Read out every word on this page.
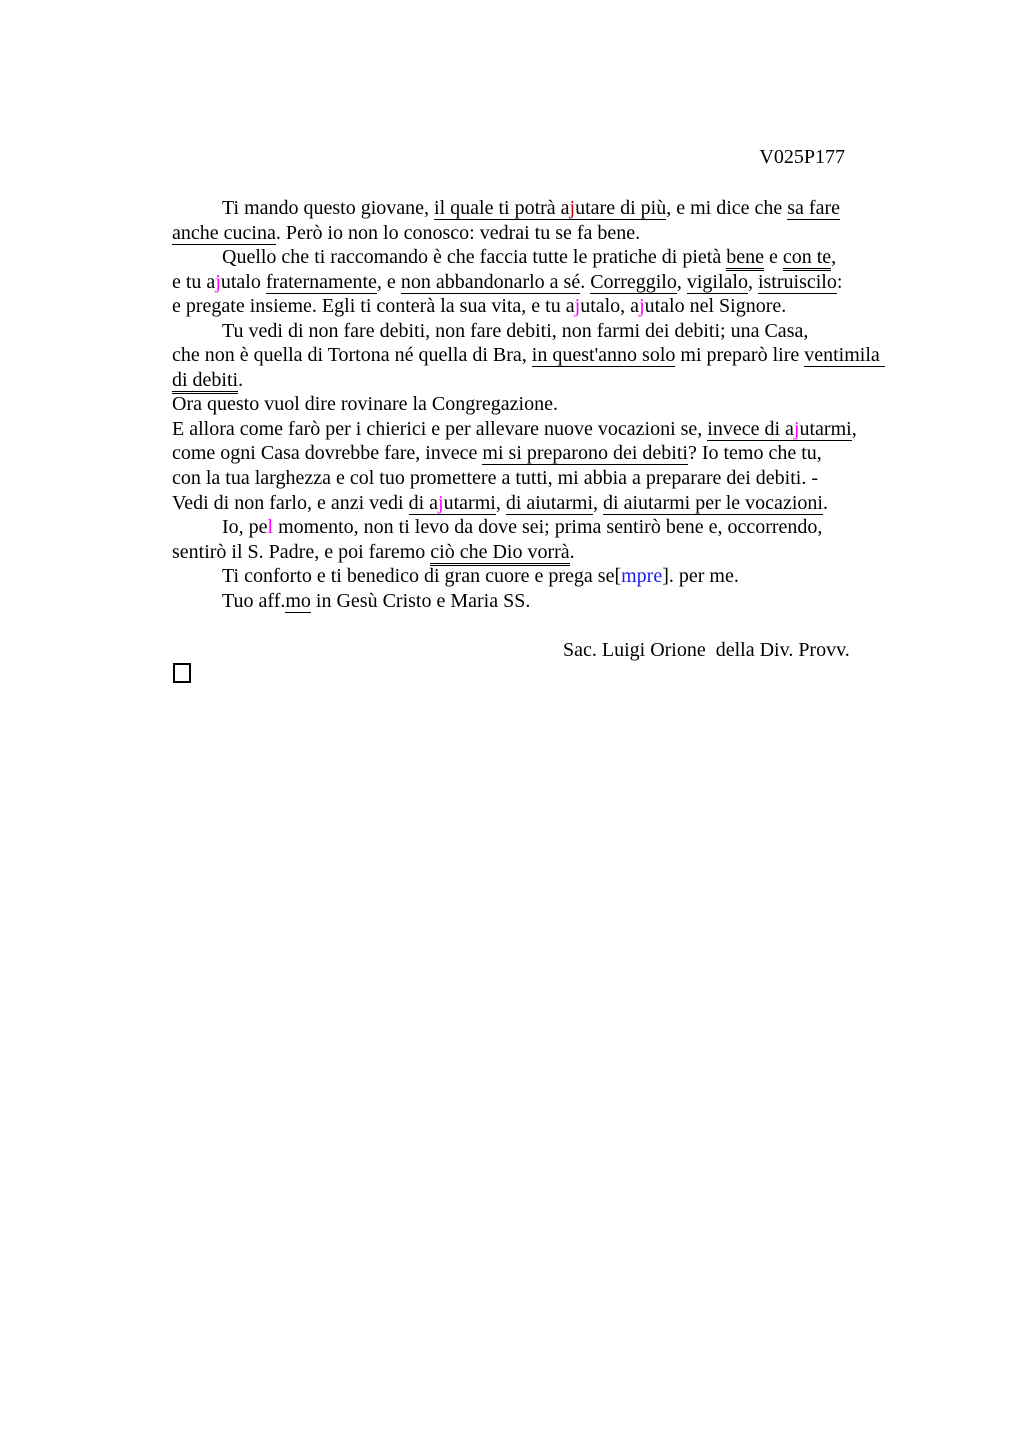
V025P177
Ti mando questo giovane, il quale ti potrà ajutare di più, e mi dice che sa fare
anche cucina. Però io non lo conosco: vedrai tu se fa bene.
Quello che ti raccomando è che faccia tutte le pratiche di pietà bene e con te,
e tu ajutalo fraternamente, e non abbandonarlo a sé. Correggilo, vigilalo, istruiscilo:
e pregate insieme. Egli ti conterà la sua vita, e tu ajutalo, ajutalo nel Signore.
Tu vedi di non fare debiti, non fare debiti, non farmi dei debiti; una Casa,
che non è quella di Tortona né quella di Bra, in quest'anno solo mi preparò lire ventimila
di debiti.
Ora questo vuol dire rovinare la Congregazione.
E allora come farò per i chierici e per allevare nuove vocazioni se, invece di ajutarmi,
come ogni Casa dovrebbe fare, invece mi si preparono dei debiti? Io temo che tu,
con la tua larghezza e col tuo promettere a tutti, mi abbia a preparare dei debiti. -
Vedi di non farlo, e anzi vedi di ajutarmi, di aiutarmi, di aiutarmi per le vocazioni.
Io, pel momento, non ti levo da dove sei; prima sentirò bene e, occorrendo,
sentirò il S. Padre, e poi faremo ciò che Dio vorrà.
Ti conforto e ti benedico di gran cuore e prega se[mpre]. per me.
Tuo aff.mo in Gesù Cristo e Maria SS.
Sac. Luigi Orione  della Div. Provv.
